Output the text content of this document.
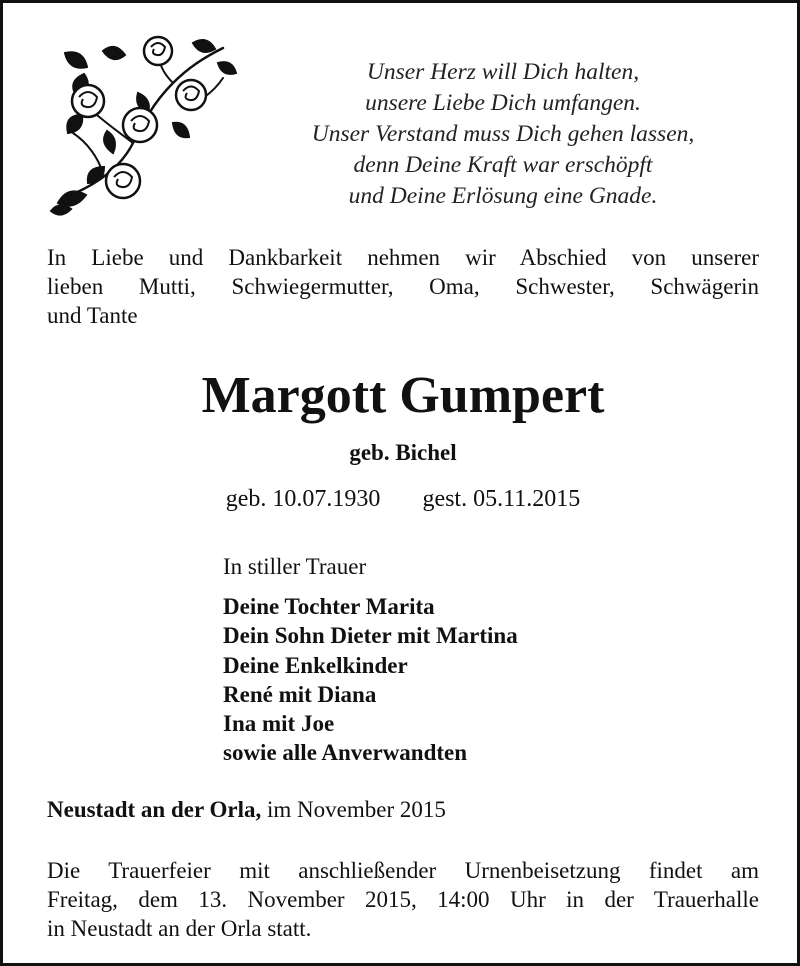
Unser Herz will Dich halten,
unsere Liebe Dich umfangen.
Unser Verstand muss Dich gehen lassen,
denn Deine Kraft war erschöpft
und Deine Erlösung eine Gnade.
In Liebe und Dankbarkeit nehmen wir Abschied von unserer
lieben Mutti, Schwiegermutter, Oma, Schwester, Schwägerin
und Tante
Margott Gumpert
geb. Bichel
geb. 10.07.1930 gest. 05.11.2015
In stiller Trauer
Deine Tochter Marita
Dein Sohn Dieter mit Martina
Deine Enkelkinder
René mit Diana
Ina mit Joe
sowie alle Anverwandten
Neustadt an der Orla, im November 2015
Die Trauerfeier mit anschließender Urnenbeisetzung findet am
Freitag, dem 13. November 2015, 14:00 Uhr in der Trauerhalle
in Neustadt an der Orla statt.
